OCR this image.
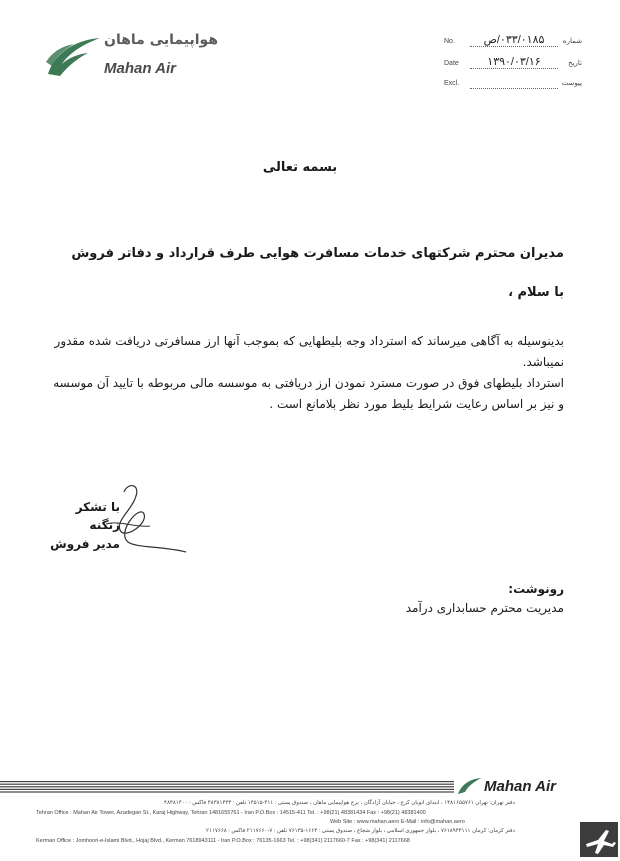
هواپیمایی ماهان
Mahan Air
No.	۰۳۳/۰۱۸۵/ص	شماره
Date	۱۳۹۰/۰۳/۱۶	تاریخ
Excl.	پیوست
بسمه تعالی
مدیران محترم شرکتهای خدمات مسافرت هوایی طرف قرارداد و دفاتر فروش
با سلام ،
بدینوسیله به آگاهی میرساند که استرداد وجه بلیطهایی که بموجب آنها ارز مسافرتی دریافت شده مقدور
نمیباشد.
استرداد بلیطهای فوق در صورت مسترد نمودن ارز دریافتی به موسسه مالی مربوطه با تایید آن موسسه
و نیز بر اساس رعایت شرایط بلیط مورد نظر بلامانع است .
با تشکر
زنگنه
مدیر فروش
رونوشت:
مدیریت محترم حسابداری درآمد
Mahan Air
دفتر تهران: تهران ۱۴۸۱۶۵۵۷۶۱ ، ابتدای اتوبان کرج ، خیابان آزادگان ، برج هواپیمایی ماهان ، صندوق پستی : ۴۱۱-۱۴۵۱۵ تلفن : ۴۸۳۸۱۴۳۴ فاکس : ۴۸۳۸۱۴۰۰
Tehran Office : Mahan Air Tower, Azadegan St., Karaj Highway, Tehran 1481655761 - Iran P.O.Box : 14515-411 Tel. : +98(21) 48381434 Fax : +98(21) 48381400
Web Site : www.mahan.aero E-Mail : info@mahan.aero
دفتر کرمان: کرمان ۷۶۱۸۹۴۳۱۱۱ ، بلوار جمهوری اسلامی ، بلوار شجاع ، صندوق پستی : ۱۶۶۳-۷۶۱۳۵ تلفن : ۷-۲۱۱۷۶۶۰ فاکس : ۲۱۱۷۶۶۸
Kerman Office : Jomhoori-e-Islami Blvd., Hojaj Blvd., Kerman 7618943111 - Iran P.O.Box : 76135-1663 Tel. : +98(341) 2117660-7 Fax : +98(341) 2117668
